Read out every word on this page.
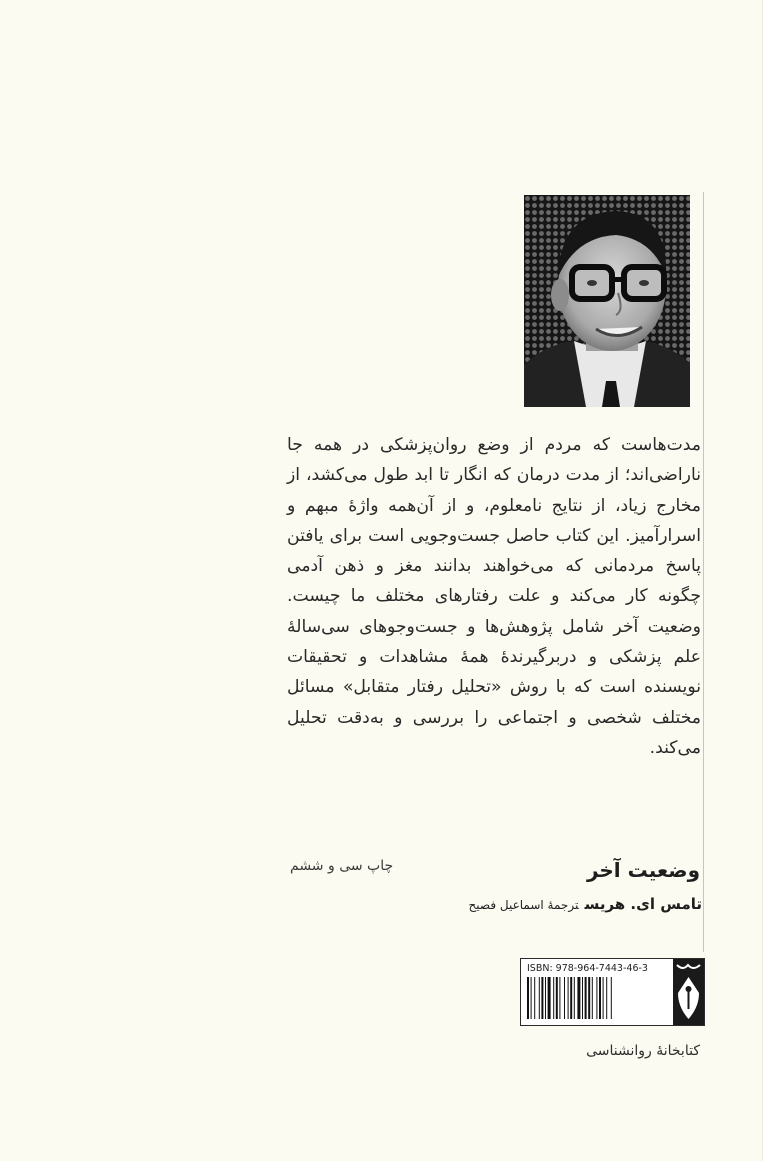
مدت‌هاست که مردم از وضع روان‌پزشکی در همه جا ناراضی‌اند؛ از مدت درمان که انگار تا ابد طول می‌کشد، از مخارج زیاد، از نتایج نامعلوم، و از آن‌همه واژهٔ مبهم و اسرارآمیز. این کتاب حاصل جست‌وجویی است برای یافتن پاسخ مردمانی که می‌خواهند بدانند مغز و ذهن آدمی چگونه کار می‌کند و علت رفتارهای مختلف ما چیست. وضعیت آخر شامل پژوهش‌ها و جست‌وجوهای سی‌سالهٔ علم پزشکی و دربرگیرندهٔ همهٔ مشاهدات و تحقیقات نویسنده است که با روش «تحلیل رفتار متقابل» مسائل مختلف شخصی و اجتماعی را بررسی و به‌دقت تحلیل می‌کند.

وضعیت آخر
چاپ سی و ششم
تامس ای. هریسترجمهٔ اسماعیل فصیح
ISBN: 978-964-7443-46-3
کتابخانهٔ روانشناسی
